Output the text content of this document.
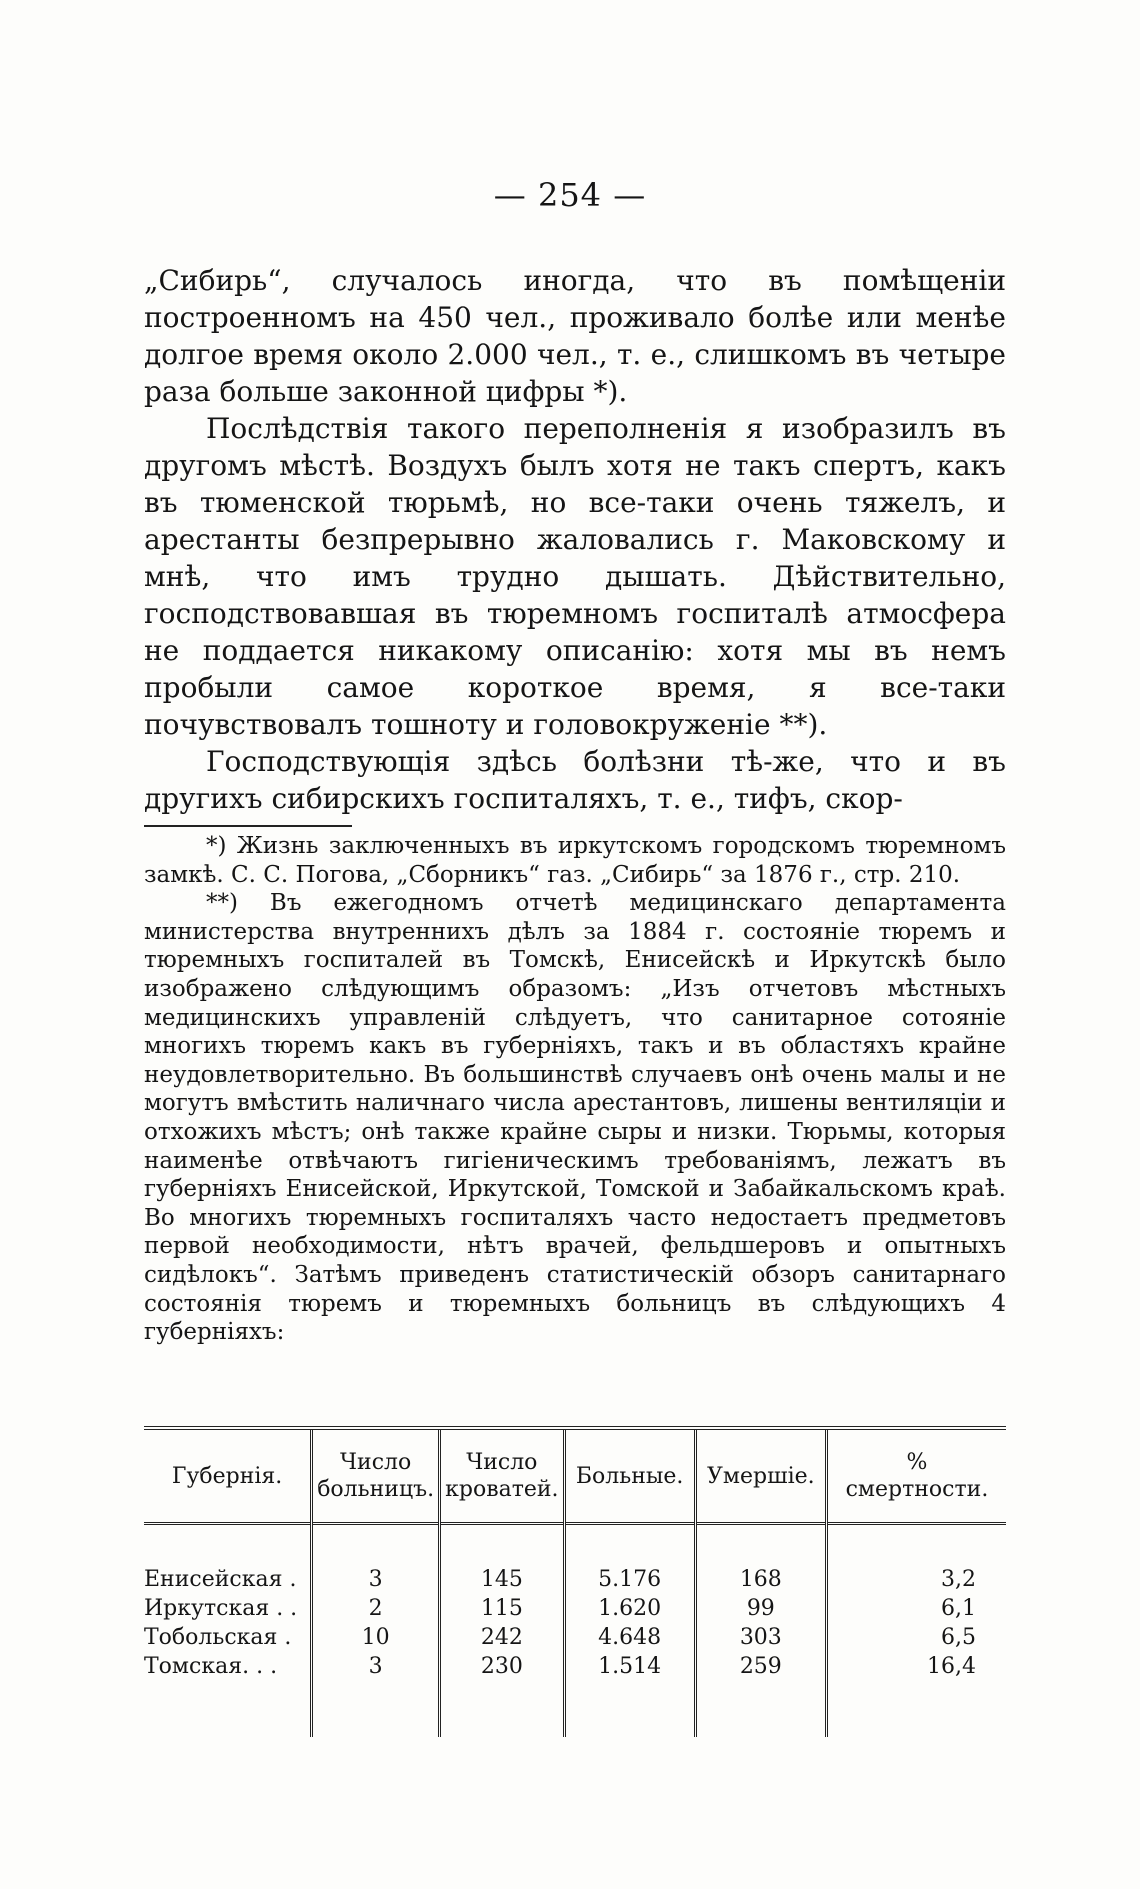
— 254 —

„Сибирь“, случалось иногда, что въ помѣщеніи построенномъ на 450 чел., проживало болѣе или менѣе долгое время около 2.000 чел., т. е., слишкомъ въ четыре раза больше законной цифры *).

Послѣдствія такого переполненія я изобразилъ въ другомъ мѣстѣ. Воздухъ былъ хотя не такъ спертъ, какъ въ тюменской тюрьмѣ, но все-таки очень тяжелъ, и арестанты безпрерывно жаловались г. Маковскому и мнѣ, что имъ трудно дышать. Дѣйствительно, господствовавшая въ тюремномъ госпиталѣ атмосфера не поддается никакому описанію: хотя мы въ немъ пробыли самое короткое время, я все-таки почувствовалъ тошноту и головокруженіе **).

Господствующія здѣсь болѣзни тѣ-же, что и въ другихъ сибирскихъ госпиталяхъ, т. е., тифъ, скор-

*) Жизнь заключенныхъ въ иркутскомъ городскомъ тюремномъ замкѣ. С. С. Погова, „Сборникъ“ газ. „Сибирь“ за 1876 г., стр. 210.

**) Въ ежегодномъ отчетѣ медицинскаго департамента министерства внутреннихъ дѣлъ за 1884 г. состояніе тюремъ и тюремныхъ госпиталей въ Томскѣ, Енисейскѣ и Иркутскѣ было изображено слѣдующимъ образомъ: „Изъ отчетовъ мѣстныхъ медицинскихъ управленій слѣдуетъ, что санитарное сотояніе многихъ тюремъ какъ въ губерніяхъ, такъ и въ областяхъ крайне неудовлетворительно. Въ большинствѣ случаевъ онѣ очень малы и не могутъ вмѣстить наличнаго числа арестантовъ, лишены вентиляціи и отхожихъ мѣстъ; онѣ также крайне сыры и низки. Тюрьмы, которыя наименѣе отвѣчаютъ гигіеническимъ требованіямъ, лежатъ въ губерніяхъ Енисейской, Иркутской, Томской и Забайкальскомъ краѣ. Во многихъ тюремныхъ госпиталяхъ часто недостаетъ предметовъ первой необходимости, нѣтъ врачей, фельдшеровъ и опытныхъ сидѣлокъ“. Затѣмъ приведенъ статистическій обзоръ санитарнаго состоянія тюремъ и тюремныхъ больницъ въ слѣдующихъ 4 губерніяхъ:

Губернія.	Число больницъ.	Число кроватей.	Больные.	Умершіе.	% смертности.

Енисейская .	3	145	5.176	168	3,2
Иркутская . .	2	115	1.620	99	6,1
Тобольская .	10	242	4.648	303	6,5
Томская. . .	3	230	1.514	259	16,4
